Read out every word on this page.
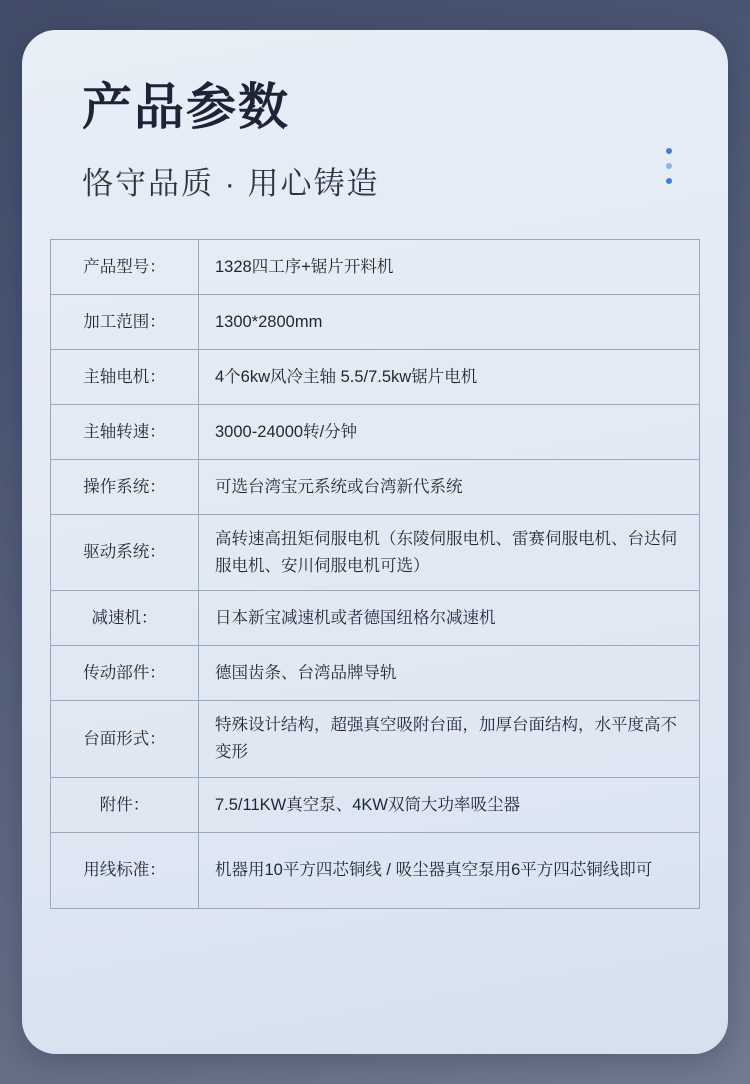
产品参数
恪守品质 · 用心铸造
产品型号：	1328四工序+锯片开料机
加工范围：	1300*2800mm
主轴电机：	4个6kw风冷主轴 5.5/7.5kw锯片电机
主轴转速：	3000-24000转/分钟
操作系统：	可选台湾宝元系统或台湾新代系统
驱动系统：
高转速高扭矩伺服电机（东陵伺服电机、雷赛伺服电机、台达伺服电机、安川伺服电机可选）
减速机：	日本新宝减速机或者德国纽格尔减速机
传动部件：	德国齿条、台湾品牌导轨
台面形式：
特殊设计结构，超强真空吸附台面，加厚台面结构，水平度高不变形
附件：	7.5/11KW真空泵、4KW双筒大功率吸尘器
用线标准：	机器用10平方四芯铜线 / 吸尘器真空泵用6平方四芯铜线即可
